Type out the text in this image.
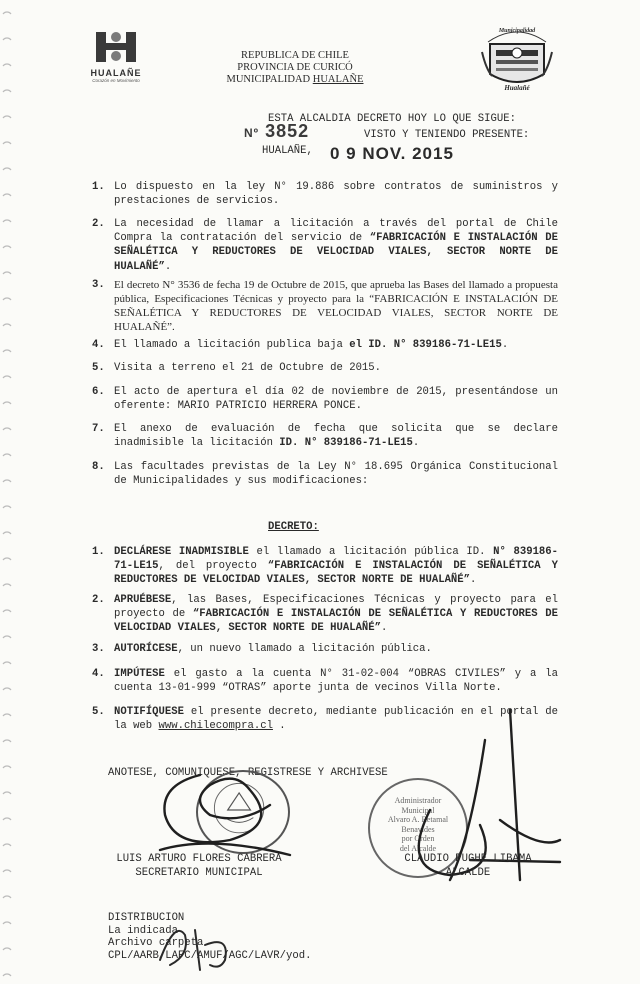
HUALAÑE
Corazón en Movimiento
REPUBLICA DE CHILE
PROVINCIA DE CURICÓ
MUNICIPALIDAD HUALAÑE
Municipalidad
Hualañé
ESTA ALCALDIA DECRETO HOY LO QUE SIGUE:
Nº 3852	VISTO Y TENIENDO PRESENTE:
HUALAÑE, 0 9 NOV. 2015
1. Lo dispuesto en la ley N° 19.886 sobre contratos de suministros y prestaciones de servicios.
2. La necesidad de llamar a licitación a través del portal de Chile Compra la contratación del servicio de “FABRICACIÓN E INSTALACIÓN DE SEÑALÉTICA Y REDUCTORES DE VELOCIDAD VIALES, SECTOR NORTE DE HUALAÑÉ”.
3. El decreto N° 3536 de fecha 19 de Octubre de 2015, que aprueba las Bases del llamado a propuesta pública, Especificaciones Técnicas y proyecto para la “FABRICACIÓN E INSTALACIÓN DE SEÑALÉTICA Y REDUCTORES DE VELOCIDAD VIALES, SECTOR NORTE DE HUALAÑÉ”.
4. El llamado a licitación publica baja el ID. N° 839186-71-LE15.
5. Visita a terreno el 21 de Octubre de 2015.
6. El acto de apertura el día 02 de noviembre de 2015, presentándose un oferente: MARIO PATRICIO HERRERA PONCE.
7. El anexo de evaluación de fecha que solicita que se declare inadmisible la licitación ID. N° 839186-71-LE15.
8. Las facultades previstas de la Ley N° 18.695 Orgánica Constitucional de Municipalidades y sus modificaciones:
DECRETO:
1. DECLÁRESE INADMISIBLE el llamado a licitación pública ID. N° 839186-71-LE15, del proyecto “FABRICACIÓN E INSTALACIÓN DE SEÑALÉTICA Y REDUCTORES DE VELOCIDAD VIALES, SECTOR NORTE DE HUALAÑÉ”.
2. APRUÉBESE, las Bases, Especificaciones Técnicas y proyecto para el proyecto de “FABRICACIÓN E INSTALACIÓN DE SEÑALÉTICA Y REDUCTORES DE VELOCIDAD VIALES, SECTOR NORTE DE HUALAÑÉ”.
3. AUTORÍCESE, un nuevo llamado a licitación pública.
4. IMPÚTESE el gasto a la cuenta N° 31-02-004 “OBRAS CIVILES” y a la cuenta 13-01-999 “OTRAS” aporte junta de vecinos Villa Norte.
5. NOTIFÍQUESE el presente decreto, mediante publicación en el portal de la web www.chilecompra.cl .
ANOTESE, COMUNIQUESE, REGISTRESE Y ARCHIVESE
Administrador
Municipal
Alvaro A. Retamal
Benavides
por Orden
del Alcalde
LUIS ARTURO FLORES CABRERA
SECRETARIO MUNICIPAL
CLAUDIO PUGHE LIBAMA
ALCALDE
DISTRIBUCION
La indicada
Archivo carpeta
CPL/AARB/LAFC/AMUF/AGC/LAVR/yod.
